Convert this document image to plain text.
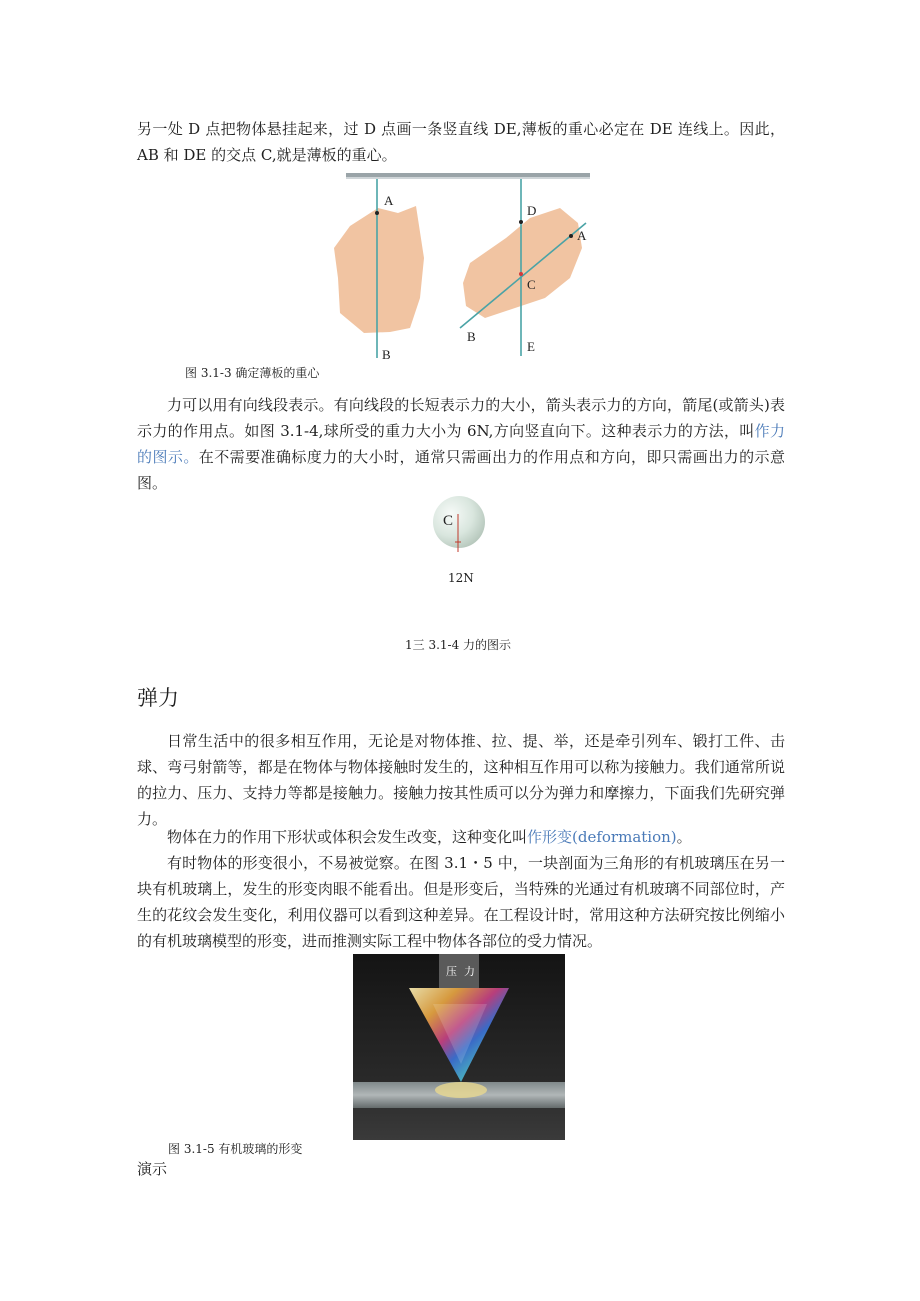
另一处 D 点把物体悬挂起来，过 D 点画一条竖直线 DE,薄板的重心必定在 DE 连线上。因此，AB 和 DE 的交点 C,就是薄板的重心。

A
B
D
A
C
B
E
图 3.1-3 确定薄板的重心

力可以用有向线段表示。有向线段的长短表示力的大小，箭头表示力的方向，箭尾(或箭头)表示力的作用点。如图 3.1-4,球所受的重力大小为 6N,方向竖直向下。这种表示力的方法，叫作力的图示。在不需要准确标度力的大小时，通常只需画出力的作用点和方向，即只需画出力的示意图。

C
12N
1三 3.1-4 力的图示
弹力

日常生活中的很多相互作用，无论是对物体推、拉、提、举，还是牵引列车、锻打工件、击球、弯弓射箭等，都是在物体与物体接触时发生的，这种相互作用可以称为接触力。我们通常所说的拉力、压力、支持力等都是接触力。接触力按其性质可以分为弹力和摩擦力，下面我们先研究弹力。

物体在力的作用下形状或体积会发生改变，这种变化叫作形变(deformation)。

有时物体的形变很小，不易被觉察。在图 3.1・5 中，一块剖面为三角形的有机玻璃压在另一块有机玻璃上，发生的形变肉眼不能看出。但是形变后，当特殊的光通过有机玻璃不同部位时，产生的花纹会发生变化，利用仪器可以看到这种差异。在工程设计时，常用这种方法研究按比例缩小的有机玻璃模型的形变，进而推测实际工程中物体各部位的受力情况。

压 力
图 3.1-5 有机玻璃的形变
演示
